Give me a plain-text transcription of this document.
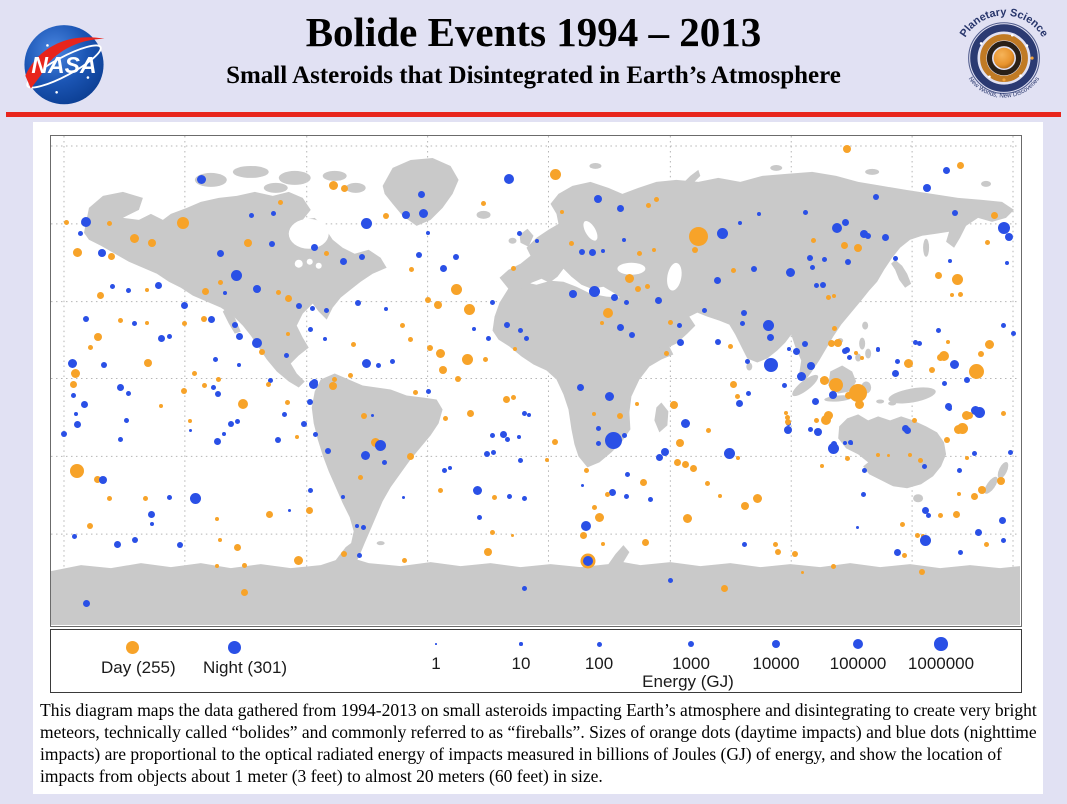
NASA
Bolide Events 1994 – 2013
Small Asteroids that Disintegrated in Earth’s Atmosphere
Planetary Science
New Worlds, New Discoveries
Day (255) Night (301)	1	10	100	1000 10000 100000 1000000
Energy (GJ)
This diagram maps the data gathered from 1994-2013 on small asteroids impacting Earth’s atmosphere and disintegrating to create very bright meteors, technically called “bolides” and commonly referred to as “fireballs”. Sizes of orange dots (daytime impacts) and blue dots (nighttime impacts) are proportional to the optical radiated energy of impacts measured in billions of Joules (GJ) of energy, and show the location of impacts from objects about 1 meter (3 feet) to almost 20 meters (60 feet) in size.
